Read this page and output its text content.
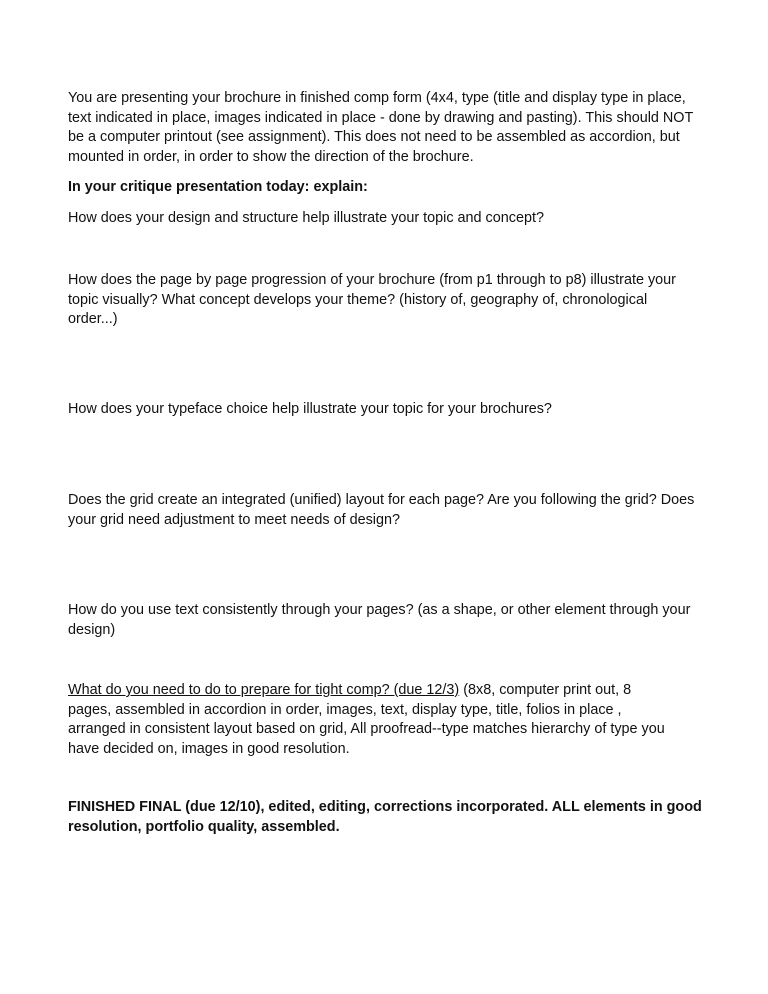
You are presenting your brochure in finished comp form (4x4, type (title and display type in place, text indicated in place, images indicated in place - done by drawing and pasting). This should NOT be a computer printout (see assignment). This does not need to be assembled as accordion, but mounted in order, in order to show the direction of the brochure.

In your critique presentation today: explain:

How does your design and structure help illustrate your topic and concept?

How does the page by page progression of your brochure (from p1 through to p8) illustrate your topic visually? What concept develops your theme? (history of, geography of, chronological order...)

How does your typeface choice help illustrate your topic for your brochures?

Does the grid create an integrated (unified) layout for each page? Are you following the grid? Does your grid need adjustment to meet needs of design?

How do you use text consistently through your pages? (as a shape, or other element through your design)

What do you need to do to prepare for tight comp? (due 12/3) (8x8, computer print out, 8 pages, assembled in accordion in order, images, text, display type, title, folios in place , arranged in consistent layout based on grid, All proofread--type matches hierarchy of type you have decided on, images in good resolution.

FINISHED FINAL (due 12/10), edited, editing, corrections incorporated. ALL elements in good resolution, portfolio quality, assembled.
